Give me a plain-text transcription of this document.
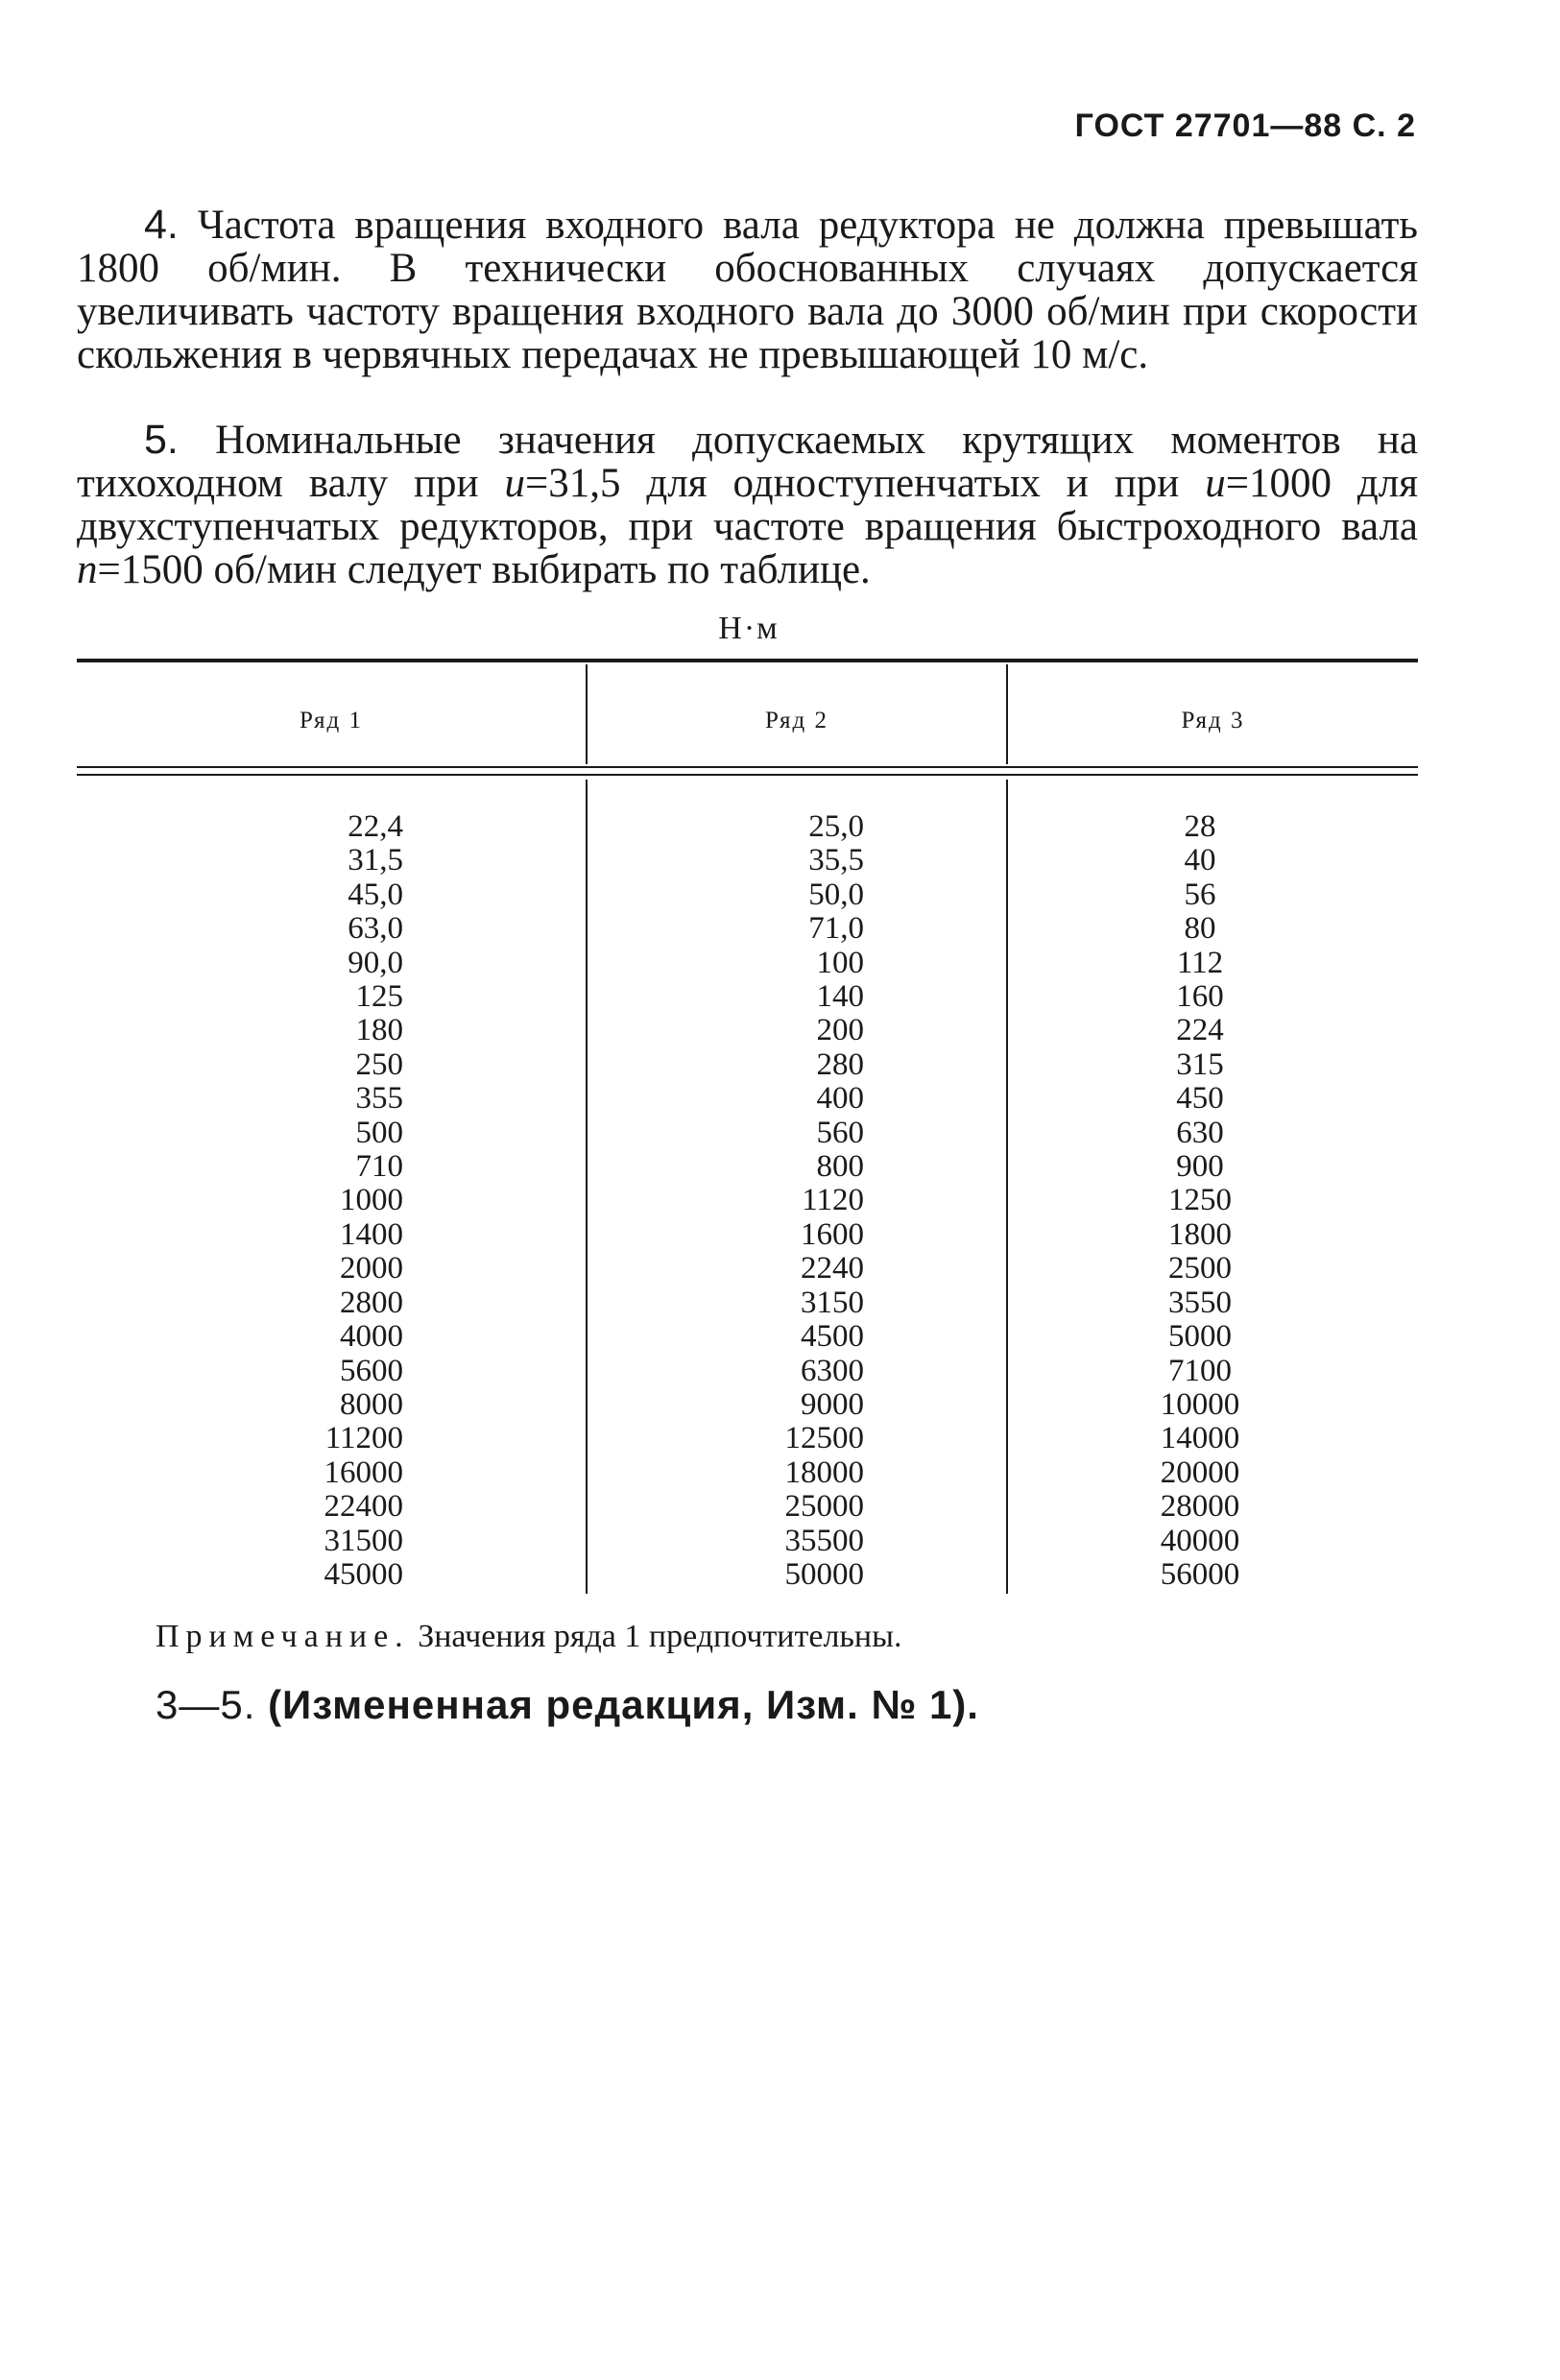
ГОСТ 27701—88 С. 2

4. Частота вращения входного вала редуктора не должна превышать 1800 об/мин. В технически обоснованных случаях допускается увеличивать частоту вращения входного вала до 3000 об/мин при скорости скольжения в червячных передачах не превышающей 10 м/с.

5. Номинальные значения допускаемых крутящих моментов на тихоходном валу при u=31,5 для одноступенчатых и при u=1000 для двухступенчатых редукторов, при частоте вращения быстроходного вала n=1500 об/мин следует выбирать по таблице.

Н·м
Ряд 1	Ряд 2	Ряд 3
22,4
31,5
45,0
63,0
90,0
125
180
250
355
500
710
1000
1400
2000
2800
4000
5600
8000
11200
16000
22400
31500
45000
25,0
35,5
50,0
71,0
100
140
200
280
400
560
800
1120
1600
2240
3150
4500
6300
9000
12500
18000
25000
35500
50000
28
40
56
80
112
160
224
315
450
630
900
1250
1800
2500
3550
5000
7100
10000
14000
20000
28000
40000
56000
Примечание. Значения ряда 1 предпочтительны.
3—5. (Измененная редакция, Изм. № 1).
